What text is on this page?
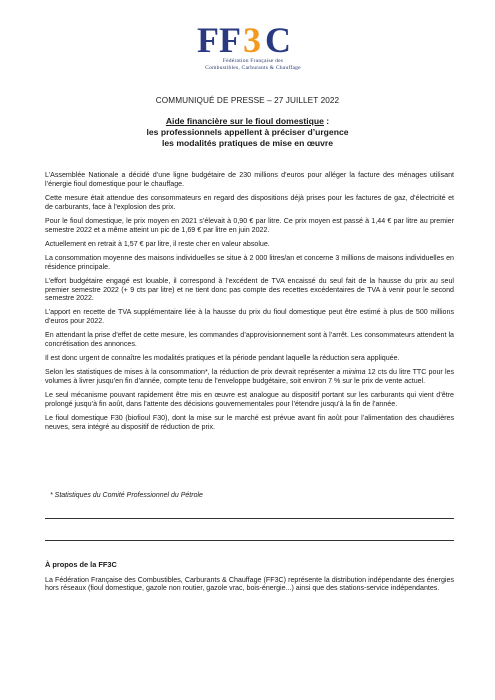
FF 3 C
Fédération Française des
Combustibles, Carburants & Chauffage
COMMUNIQUÉ DE PRESSE – 27 JUILLET 2022
Aide financière sur le fioul domestique :
les professionnels appellent à préciser d’urgence
les modalités pratiques de mise en œuvre

L’Assemblée Nationale a décidé d’une ligne budgétaire de 230 millions d’euros pour alléger la facture des ménages utilisant l’énergie fioul domestique pour le chauffage.

Cette mesure était attendue des consommateurs en regard des dispositions déjà prises pour les factures de gaz, d’électricité et de carburants, face à l’explosion des prix.

Pour le fioul domestique, le prix moyen en 2021 s’élevait à 0,90 € par litre. Ce prix moyen est passé à 1,44 € par litre au premier semestre 2022 et a même atteint un pic de 1,69 € par litre en juin 2022.

Actuellement en retrait à 1,57 € par litre, il reste cher en valeur absolue.

La consommation moyenne des maisons individuelles se situe à 2 000 litres/an et concerne 3 millions de maisons individuelles en résidence principale.

L’effort budgétaire engagé est louable, il correspond à l’excédent de TVA encaissé du seul fait de la hausse du prix au seul premier semestre 2022 (+ 9 cts par litre) et ne tient donc pas compte des recettes excédentaires de TVA à venir pour le second semestre 2022.

L’apport en recette de TVA supplémentaire liée à la hausse du prix du fioul domestique peut être estimé à plus de 500 millions d’euros pour 2022.

En attendant la prise d’effet de cette mesure, les commandes d’approvisionnement sont à l’arrêt. Les consommateurs attendent la concrétisation des annonces.

Il est donc urgent de connaître les modalités pratiques et la période pendant laquelle la réduction sera appliquée.

Selon les statistiques de mises à la consommation*, la réduction de prix devrait représenter a minima 12 cts du litre TTC pour les volumes à livrer jusqu’en fin d’année, compte tenu de l’enveloppe budgétaire, soit environ 7 % sur le prix de vente actuel.

Le seul mécanisme pouvant rapidement être mis en œuvre est analogue au dispositif portant sur les carburants qui vient d’être prolongé jusqu’à fin août, dans l’attente des décisions gouvernementales pour l’étendre jusqu’à la fin de l’année.

Le fioul domestique F30 (biofioul F30), dont la mise sur le marché est prévue avant fin août pour l’alimentation des chaudières neuves, sera intégré au dispositif de réduction de prix.

* Statistiques du Comité Professionnel du Pétrole
À propos de la FF3C

La Fédération Française des Combustibles, Carburants & Chauffage (FF3C) représente la distribution indépendante des énergies hors réseaux (fioul domestique, gazole non routier, gazole vrac, bois-énergie...) ainsi que des stations-service indépendantes.
